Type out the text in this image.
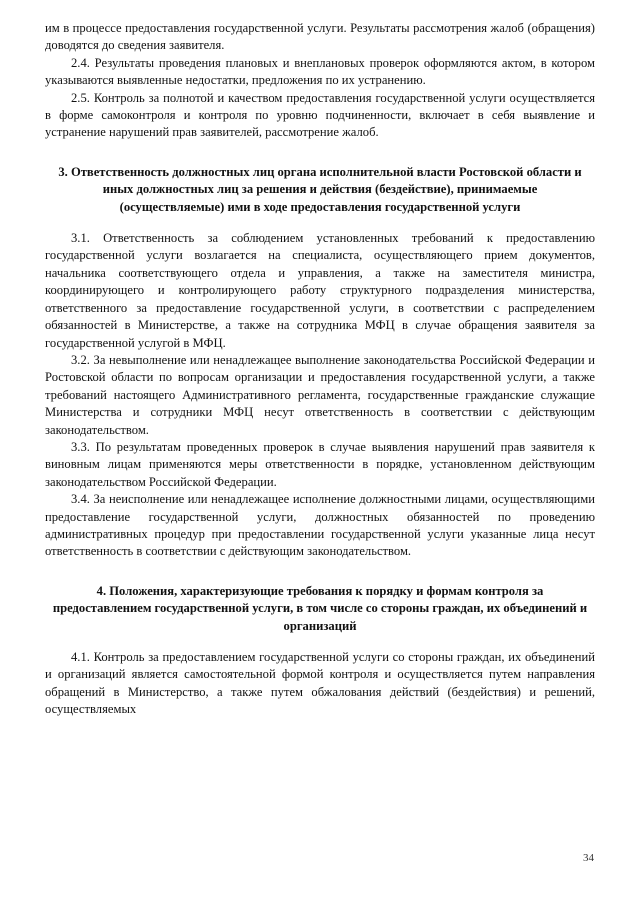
им в процессе предоставления государственной услуги. Результаты рассмотрения жалоб (обращения) доводятся до сведения заявителя.

2.4. Результаты проведения плановых и внеплановых проверок оформляются актом, в котором указываются выявленные недостатки, предложения по их устранению.

2.5. Контроль за полнотой и качеством предоставления государственной услуги осуществляется в форме самоконтроля и контроля по уровню подчиненности, включает в себя выявление и устранение нарушений прав заявителей, рассмотрение жалоб.

3. Ответственность должностных лиц органа исполнительной власти Ростовской области и иных должностных лиц за решения и действия (бездействие), принимаемые (осуществляемые) ими в ходе предоставления государственной услуги

3.1. Ответственность за соблюдением установленных требований к предоставлению государственной услуги возлагается на специалиста, осуществляющего прием документов, начальника соответствующего отдела и управления, а также на заместителя министра, координирующего и контролирующего работу структурного подразделения министерства, ответственного за предоставление государственной услуги, в соответствии с распределением обязанностей в Министерстве, а также на сотрудника МФЦ в случае обращения заявителя за государственной услугой в МФЦ.

3.2. За невыполнение или ненадлежащее выполнение законодательства Российской Федерации и Ростовской области по вопросам организации и предоставления государственной услуги, а также требований настоящего Административного регламента, государственные гражданские служащие Министерства и сотрудники МФЦ несут ответственность в соответствии с действующим законодательством.

3.3. По результатам проведенных проверок в случае выявления нарушений прав заявителя к виновным лицам применяются меры ответственности в порядке, установленном действующим законодательством Российской Федерации.

3.4. За неисполнение или ненадлежащее исполнение должностными лицами, осуществляющими предоставление государственной услуги, должностных обязанностей по проведению административных процедур при предоставлении государственной услуги указанные лица несут ответственность в соответствии с действующим законодательством.

4. Положения, характеризующие требования к порядку и формам контроля за предоставлением государственной услуги, в том числе со стороны граждан, их объединений и организаций

4.1. Контроль за предоставлением государственной услуги со стороны граждан, их объединений и организаций является самостоятельной формой контроля и осуществляется путем направления обращений в Министерство, а также путем обжалования действий (бездействия) и решений, осуществляемых

34
